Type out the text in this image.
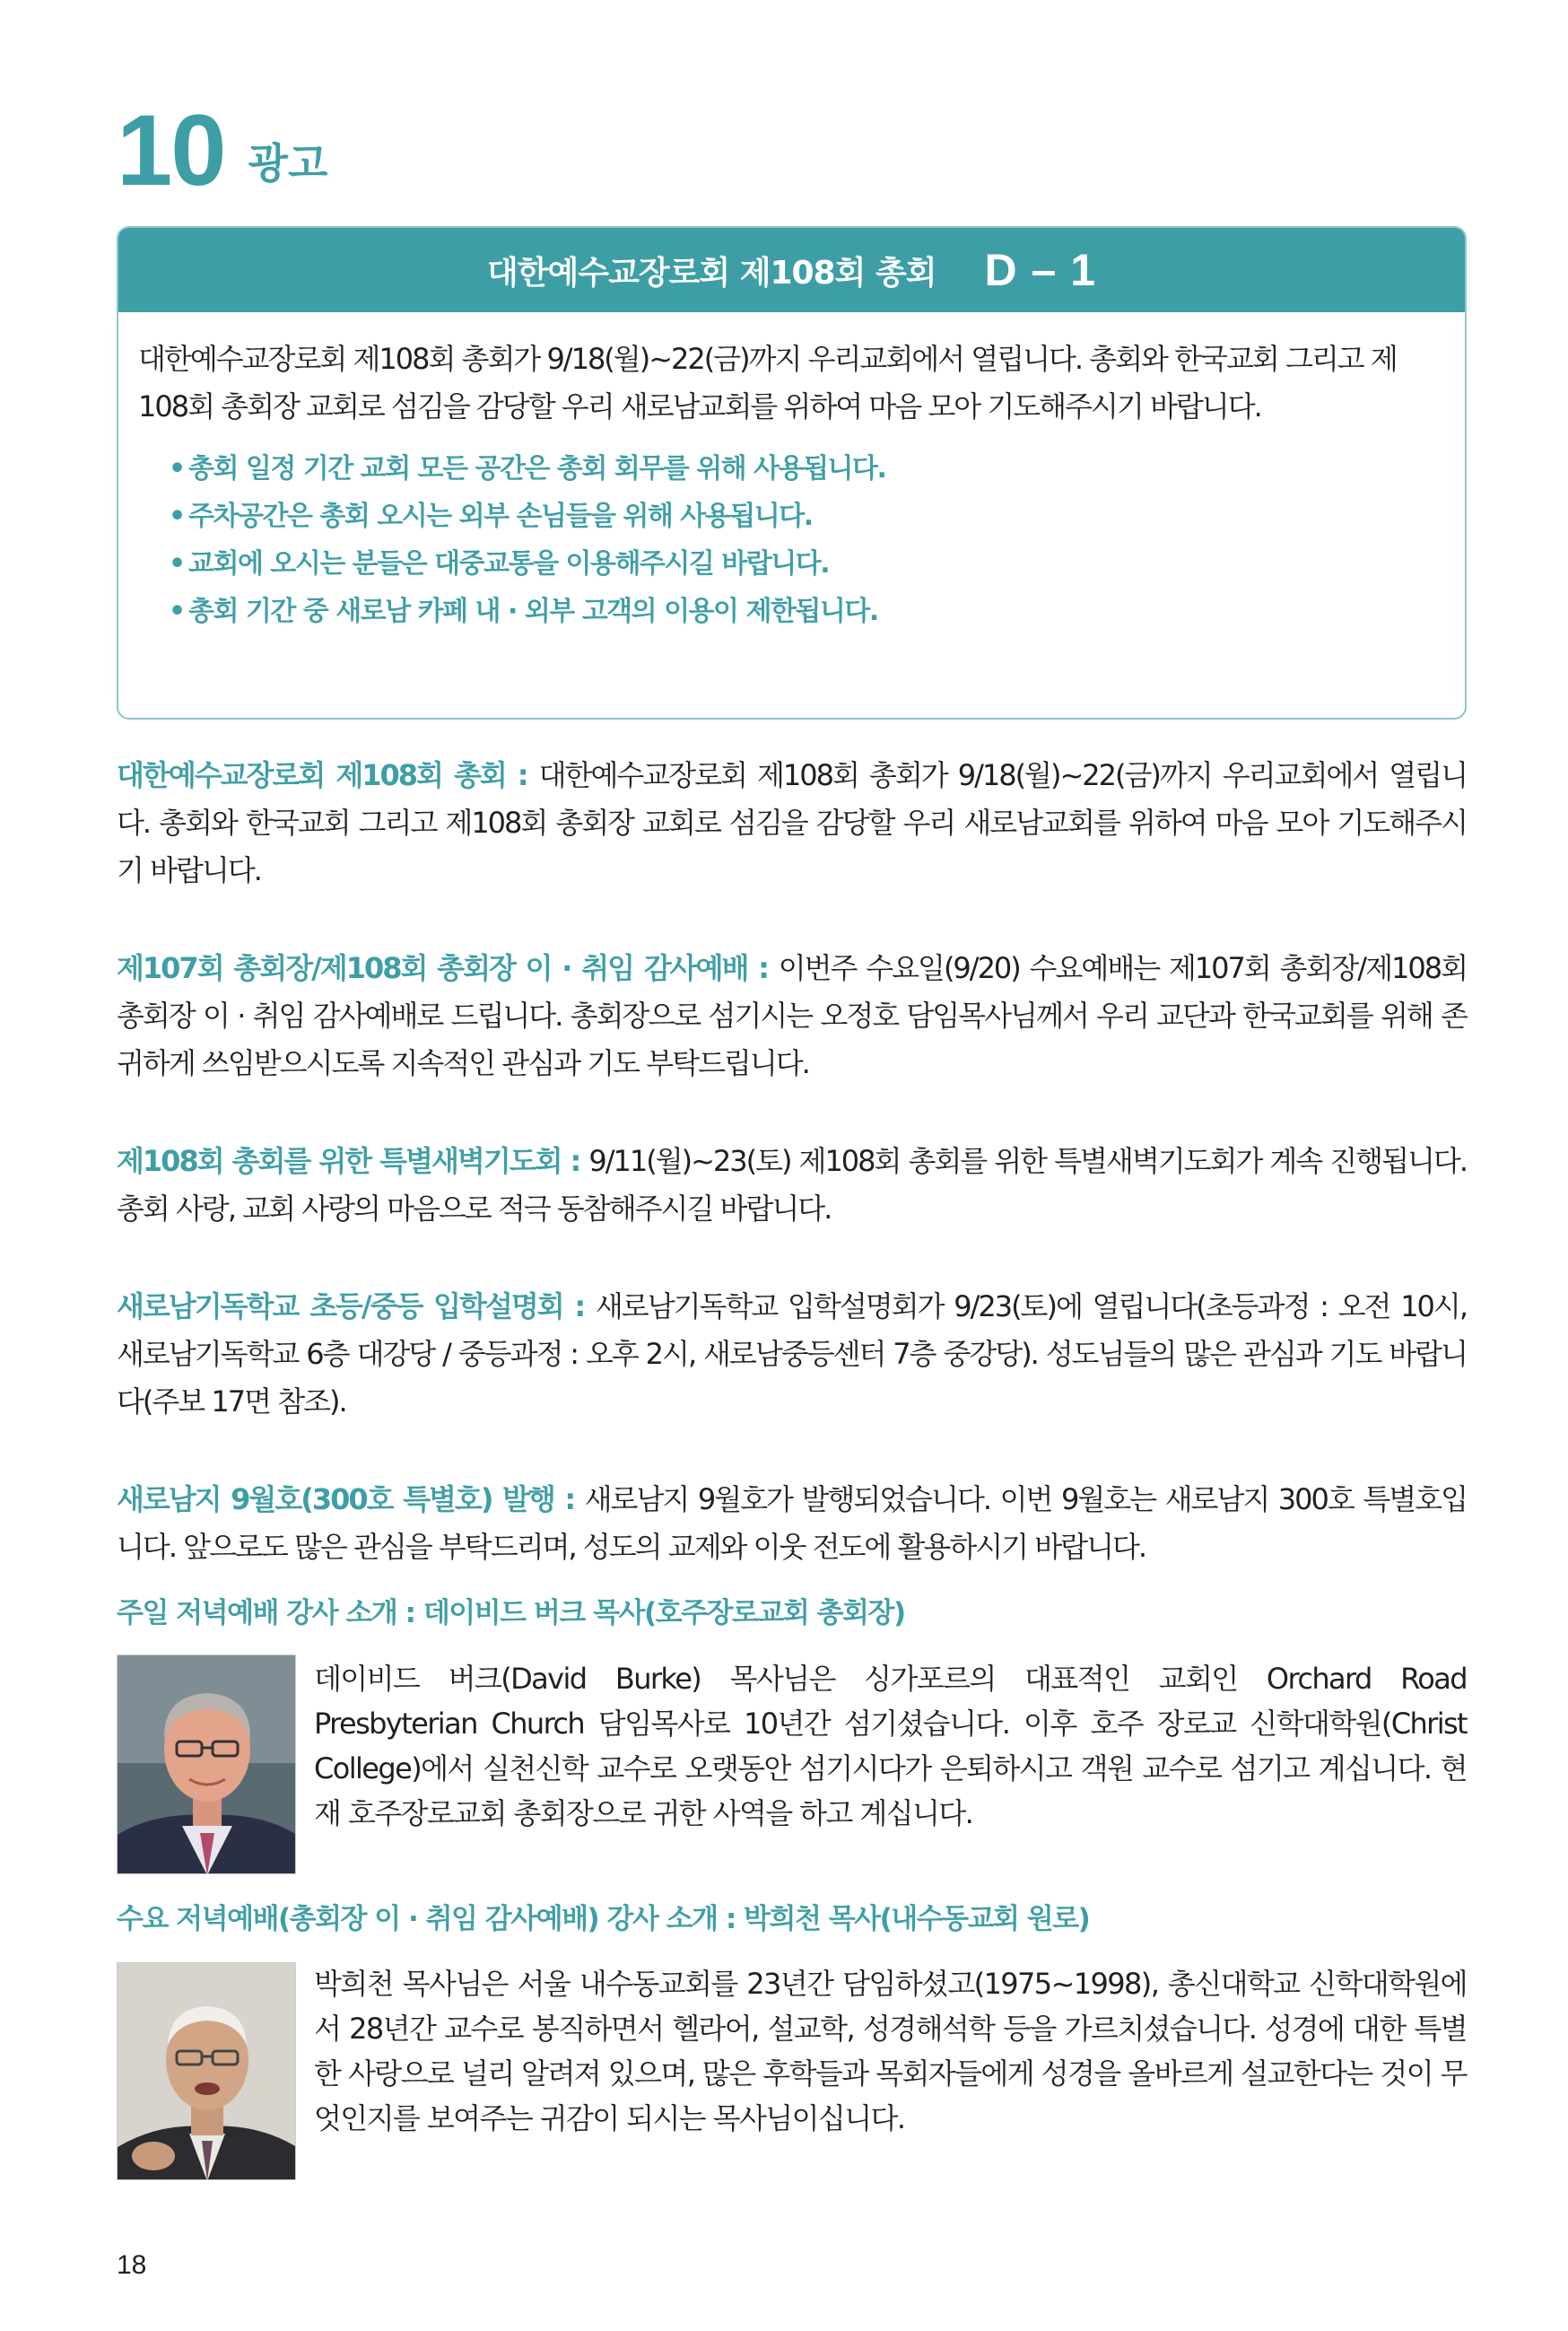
10 광고
대한예수교장로회 제108회 총회 D – 1

대한예수교장로회 제108회 총회가 9/18(월)~22(금)까지 우리교회에서 열립니다. 총회와 한국교회 그리고 제108회 총회장 교회로 섬김을 감당할 우리 새로남교회를 위하여 마음 모아 기도해주시기 바랍니다.

• 총회 일정 기간 교회 모든 공간은 총회 회무를 위해 사용됩니다.
• 주차공간은 총회 오시는 외부 손님들을 위해 사용됩니다.
• 교회에 오시는 분들은 대중교통을 이용해주시길 바랍니다.
• 총회 기간 중 새로남 카페 내 · 외부 고객의 이용이 제한됩니다.

대한예수교장로회 제108회 총회 : 대한예수교장로회 제108회 총회가 9/18(월)~22(금)까지 우리교회에서 열립니다. 총회와 한국교회 그리고 제108회 총회장 교회로 섬김을 감당할 우리 새로남교회를 위하여 마음 모아 기도해주시기 바랍니다.

제107회 총회장/제108회 총회장 이 · 취임 감사예배 : 이번주 수요일(9/20) 수요예배는 제107회 총회장/제108회 총회장 이 · 취임 감사예배로 드립니다. 총회장으로 섬기시는 오정호 담임목사님께서 우리 교단과 한국교회를 위해 존귀하게 쓰임받으시도록 지속적인 관심과 기도 부탁드립니다.

제108회 총회를 위한 특별새벽기도회 : 9/11(월)~23(토) 제108회 총회를 위한 특별새벽기도회가 계속 진행됩니다. 총회 사랑, 교회 사랑의 마음으로 적극 동참해주시길 바랍니다.

새로남기독학교 초등/중등 입학설명회 : 새로남기독학교 입학설명회가 9/23(토)에 열립니다(초등과정 : 오전 10시, 새로남기독학교 6층 대강당 / 중등과정 : 오후 2시, 새로남중등센터 7층 중강당). 성도님들의 많은 관심과 기도 바랍니다(주보 17면 참조).

새로남지 9월호(300호 특별호) 발행 : 새로남지 9월호가 발행되었습니다. 이번 9월호는 새로남지 300호 특별호입니다. 앞으로도 많은 관심을 부탁드리며, 성도의 교제와 이웃 전도에 활용하시기 바랍니다.

주일 저녁예배 강사 소개 : 데이비드 버크 목사(호주장로교회 총회장)
데이비드 버크(David Burke) 목사님은 싱가포르의 대표적인 교회인 Orchard Road Presbyterian Church 담임목사로 10년간 섬기셨습니다. 이후 호주 장로교 신학대학원(Christ College)에서 실천신학 교수로 오랫동안 섬기시다가 은퇴하시고 객원 교수로 섬기고 계십니다. 현재 호주장로교회 총회장으로 귀한 사역을 하고 계십니다.
수요 저녁예배(총회장 이 · 취임 감사예배) 강사 소개 : 박희천 목사(내수동교회 원로)
박희천 목사님은 서울 내수동교회를 23년간 담임하셨고(1975~1998), 총신대학교 신학대학원에서 28년간 교수로 봉직하면서 헬라어, 설교학, 성경해석학 등을 가르치셨습니다. 성경에 대한 특별한 사랑으로 널리 알려져 있으며, 많은 후학들과 목회자들에게 성경을 올바르게 설교한다는 것이 무엇인지를 보여주는 귀감이 되시는 목사님이십니다.
18
